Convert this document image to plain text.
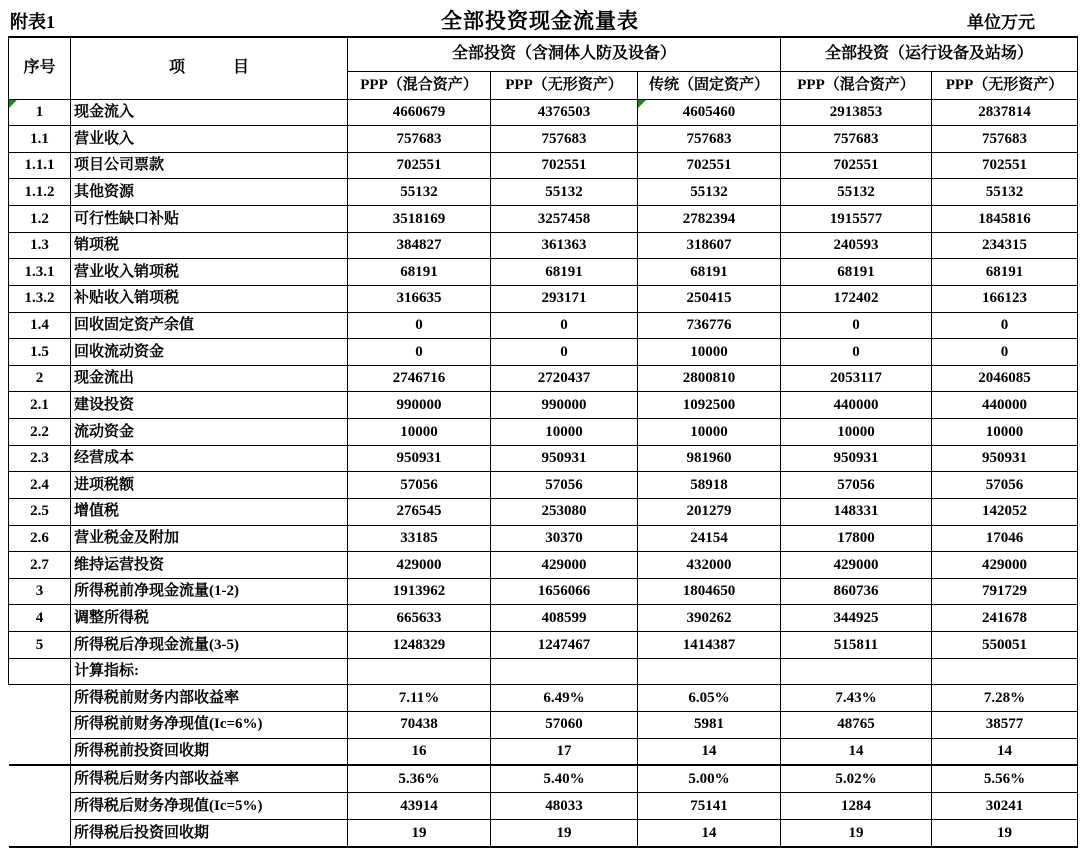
附表1	全部投资现金流量表	单位万元
序号	项　　　目	全部投资（含洞体人防及设备）			全部投资（运行设备及站场）	
		PPP（混合资产）	PPP（无形资产）	传统（固定资产）	PPP（混合资产）	PPP（无形资产）
1	现金流入	4660679	4376503	4605460	2913853	2837814
1.1	营业收入	757683	757683	757683	757683	757683
1.1.1	项目公司票款	702551	702551	702551	702551	702551
1.1.2	其他资源	55132	55132	55132	55132	55132
1.2	可行性缺口补贴	3518169	3257458	2782394	1915577	1845816
1.3	销项税	384827	361363	318607	240593	234315
1.3.1	营业收入销项税	68191	68191	68191	68191	68191
1.3.2	补贴收入销项税	316635	293171	250415	172402	166123
1.4	回收固定资产余值	0	0	736776	0	0
1.5	回收流动资金	0	0	10000	0	0
2	现金流出	2746716	2720437	2800810	2053117	2046085
2.1	建设投资	990000	990000	1092500	440000	440000
2.2	流动资金	10000	10000	10000	10000	10000
2.3	经营成本	950931	950931	981960	950931	950931
2.4	进项税额	57056	57056	58918	57056	57056
2.5	增值税	276545	253080	201279	148331	142052
2.6	营业税金及附加	33185	30370	24154	17800	17046
2.7	维持运营投资	429000	429000	432000	429000	429000
3	所得税前净现金流量(1-2)	1913962	1656066	1804650	860736	791729
4	调整所得税	665633	408599	390262	344925	241678
5	所得税后净现金流量(3-5)	1248329	1247467	1414387	515811	550051
	计算指标:					
	所得税前财务内部收益率	7.11%	6.49%	6.05%	7.43%	7.28%
	所得税前财务净现值(Ic=6%)	70438	57060	5981	48765	38577
	所得税前投资回收期	16	17	14	14	14
	所得税后财务内部收益率	5.36%	5.40%	5.00%	5.02%	5.56%
	所得税后财务净现值(Ic=5%)	43914	48033	75141	1284	30241
	所得税后投资回收期	19	19	14	19	19
